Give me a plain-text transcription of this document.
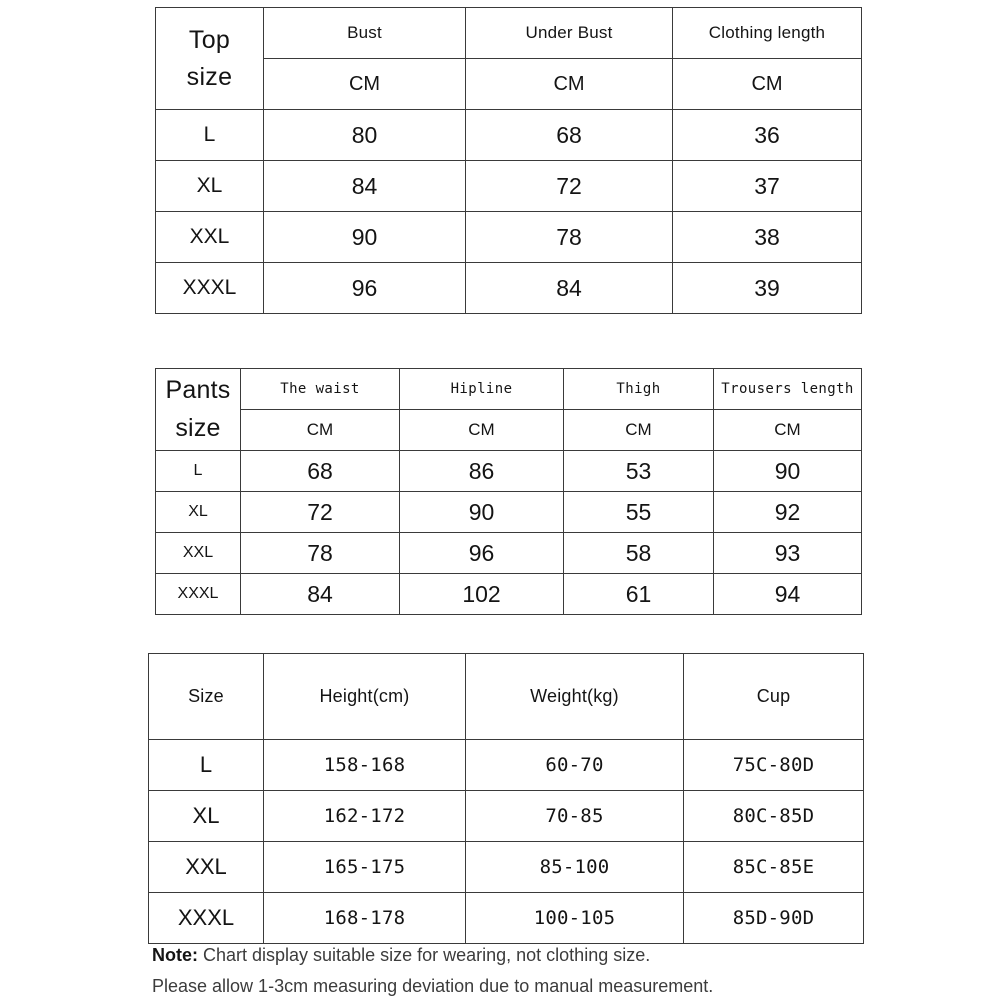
Top
size	Bust	Under Bust	Clothing length
	CM	CM	CM
L	80	68	36
XL	84	72	37
XXL	90	78	38
XXXL	96	84	39
Pants
size	The waist	Hipline	Thigh	Trousers length
	CM	CM	CM	CM
L	68	86	53	90
XL	72	90	55	92
XXL	78	96	58	93
XXXL	84	102	61	94
Size	Height(cm)	Weight(kg)	Cup
L	158-168	60-70	75C-80D
XL	162-172	70-85	80C-85D
XXL	165-175	85-100	85C-85E
XXXL	168-178	100-105	85D-90D
Note: Chart display suitable size for wearing, not clothing size.
Please allow 1-3cm measuring deviation due to manual measurement.
